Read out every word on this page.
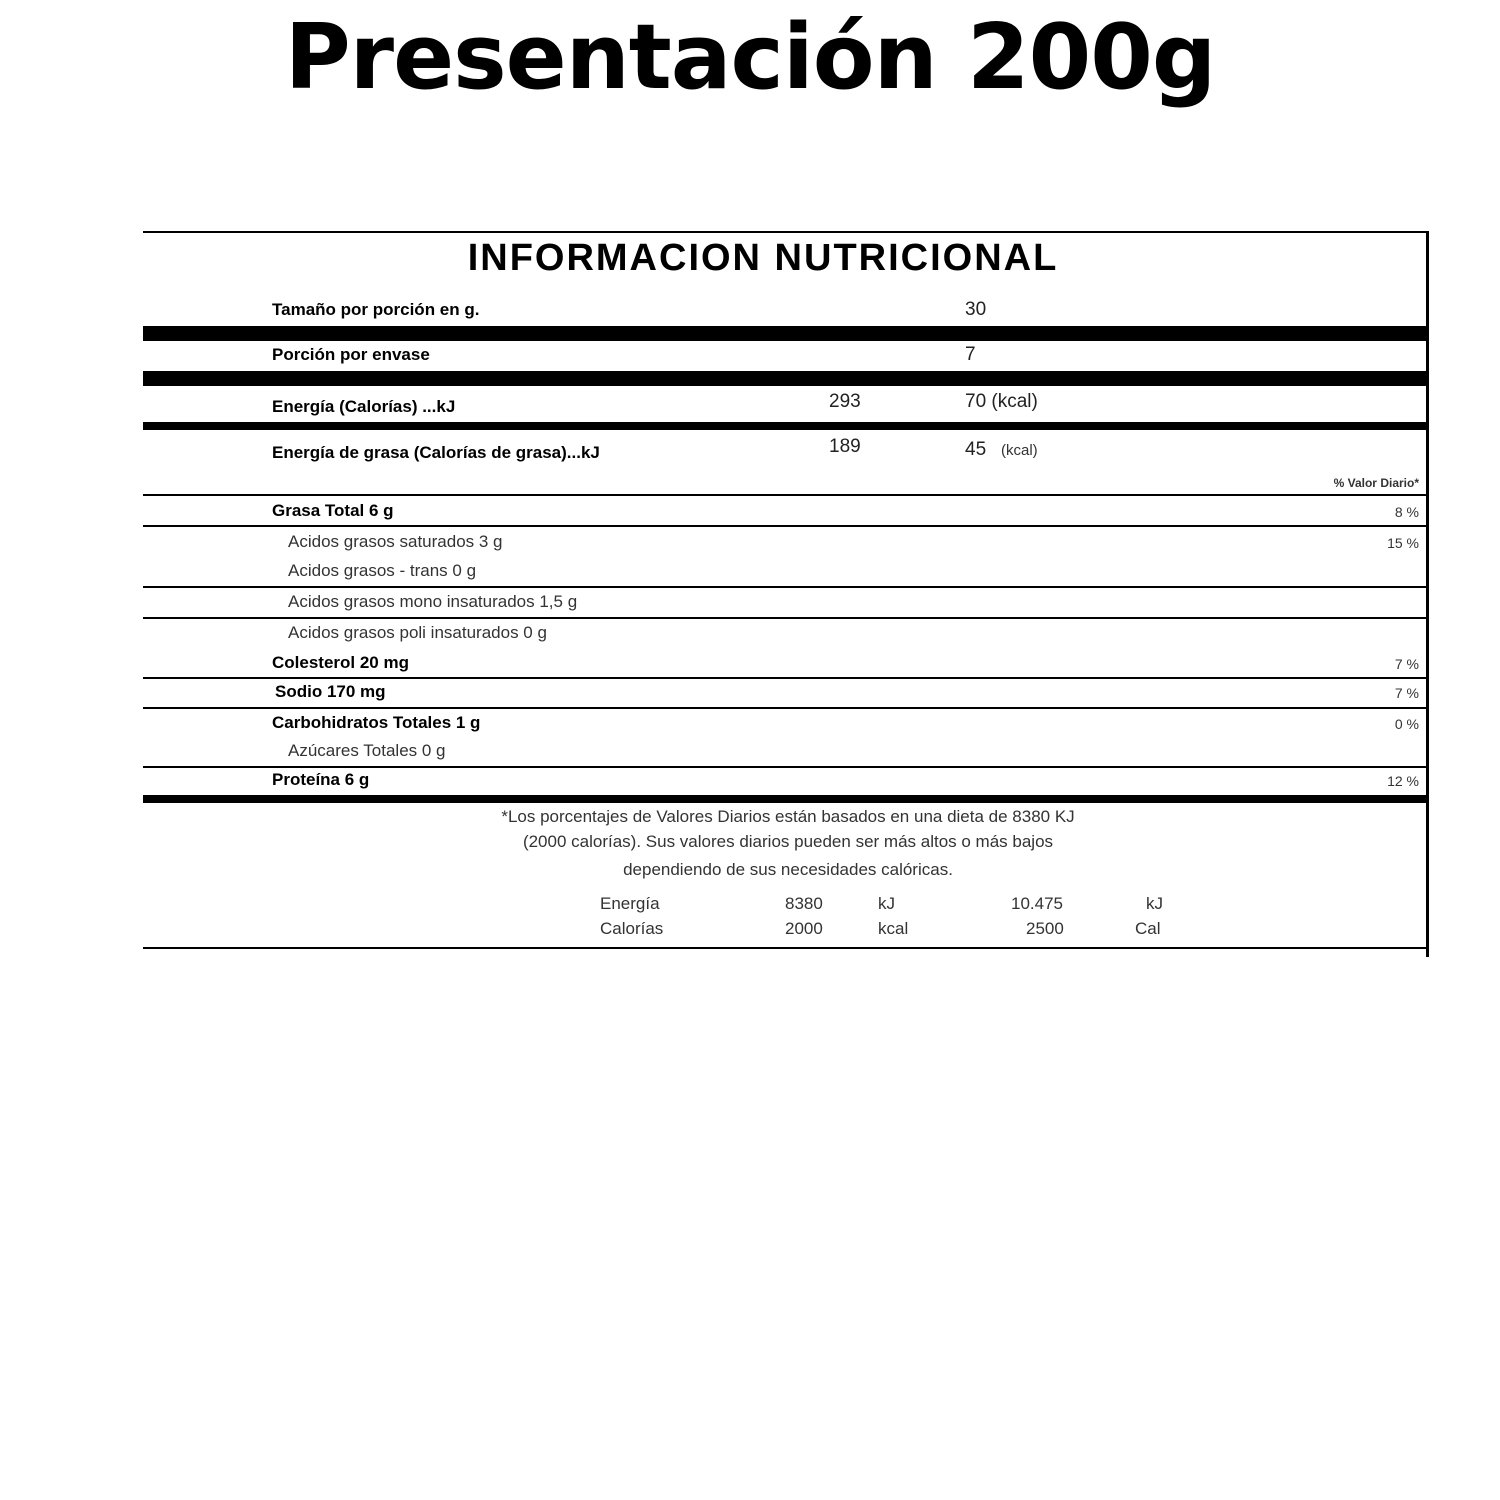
Presentación 200g
INFORMACION NUTRICIONAL
Tamaño por porción en g.	30
Porción por envase	7
Energía (Calorías) ...kJ	293	70 (kcal)
Energía de grasa (Calorías de grasa)...kJ	189	45 (kcal)
% Valor Diario*
Grasa Total 6 g	8 %
Acidos grasos saturados 3 g	15 %
Acidos grasos - trans 0 g
Acidos grasos mono insaturados 1,5 g
Acidos grasos poli insaturados 0 g
Colesterol 20 mg	7 %
Sodio 170 mg	7 %
Carbohidratos Totales 1 g	0 %
Azúcares Totales 0 g
Proteína 6 g	12 %
*Los porcentajes de Valores Diarios están basados en una dieta de 8380 KJ
(2000 calorías). Sus valores diarios pueden ser más altos o más bajos
dependiendo de sus necesidades calóricas.
Energía	8380	kJ	10.475	kJ
Calorías	2000	kcal	2500	Cal
